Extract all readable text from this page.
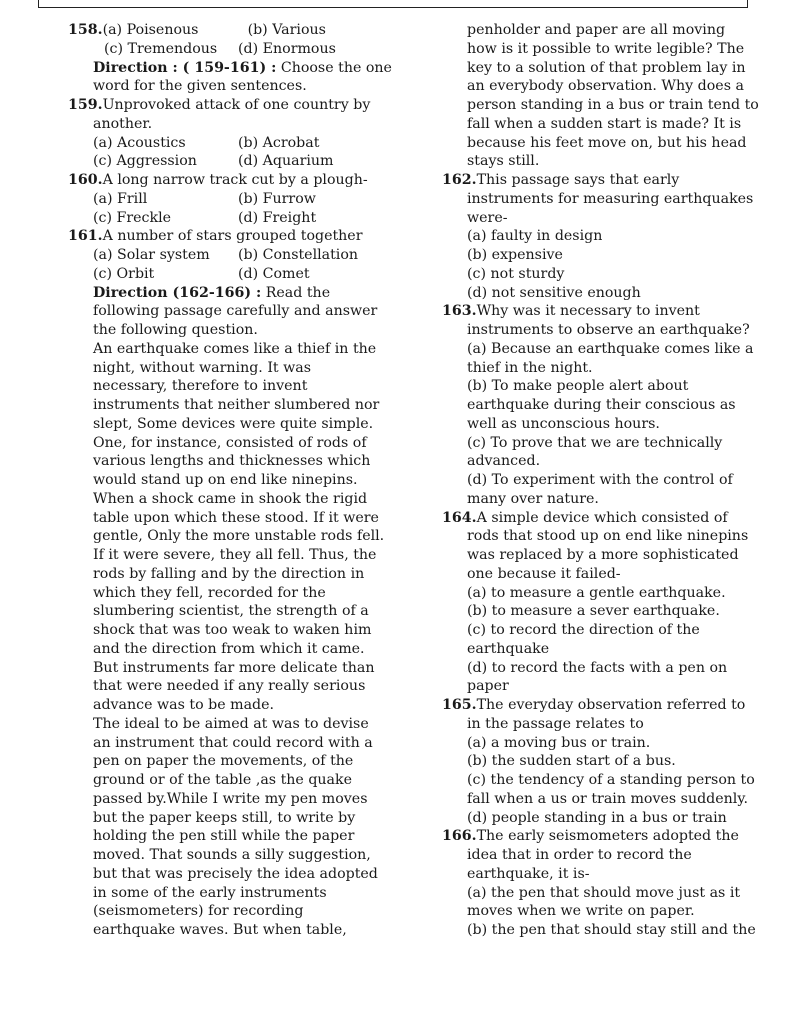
158. (a) Poisenous	(b) Various
(c) Tremendous	(d) Enormous
Direction : ( 159-161) : Choose the one
word for the given sentences.
159. Unprovoked attack of one country by
another.
(a) Acoustics	(b) Acrobat
(c) Aggression	(d) Aquarium
160. A long narrow track cut by a plough-
(a) Frill	(b) Furrow
(c) Freckle	(d) Freight
161. A number of stars grouped together
(a) Solar system	(b) Constellation
(c) Orbit	(d) Comet
Direction (162-166) : Read the
following passage carefully and answer
the following question.
An earthquake comes like a thief in the
night, without warning. It was
necessary, therefore to invent
instruments that neither slumbered nor
slept, Some devices were quite simple.
One, for instance, consisted of rods of
various lengths and thicknesses which
would stand up on end like ninepins.
When a shock came in shook the rigid
table upon which these stood. If it were
gentle, Only the more unstable rods fell.
If it were severe, they all fell. Thus, the
rods by falling and by the direction in
which they fell, recorded for the
slumbering scientist, the strength of a
shock that was too weak to waken him
and the direction from which it came.
But instruments far more delicate than
that were needed if any really serious
advance was to be made.
The ideal to be aimed at was to devise
an instrument that could record with a
pen on paper the movements, of the
ground or of the table ,as the quake
passed by.While I write my pen moves
but the paper keeps still, to write by
holding the pen still while the paper
moved. That sounds a silly suggestion,
but that was precisely the idea adopted
in some of the early instruments
(seismometers) for recording
earthquake waves. But when table,
penholder and paper are all moving
how is it possible to write legible? The
key to a solution of that problem lay in
an everybody observation. Why does a
person standing in a bus or train tend to
fall when a sudden start is made? It is
because his feet move on, but his head
stays still.
162. This passage says that early
instruments for measuring earthquakes
were-
(a) faulty in design
(b) expensive
(c) not sturdy
(d) not sensitive enough
163. Why was it necessary to invent
instruments to observe an earthquake?
(a) Because an earthquake comes like a
thief in the night.
(b) To make people alert about
earthquake during their conscious as
well as unconscious hours.
(c) To prove that we are technically
advanced.
(d) To experiment with the control of
many over nature.
164. A simple device which consisted of
rods that stood up on end like ninepins
was replaced by a more sophisticated
one because it failed-
(a) to measure a gentle earthquake.
(b) to measure a sever earthquake.
(c) to record the direction of the
earthquake
(d) to record the facts with a pen on
paper
165. The everyday observation referred to
in the passage relates to
(a) a moving bus or train.
(b) the sudden start of a bus.
(c) the tendency of a standing person to
fall when a us or train moves suddenly.
(d) people standing in a bus or train
166. The early seismometers adopted the
idea that in order to record the
earthquake, it is-
(a) the pen that should move just as it
moves when we write on paper.
(b) the pen that should stay still and the
